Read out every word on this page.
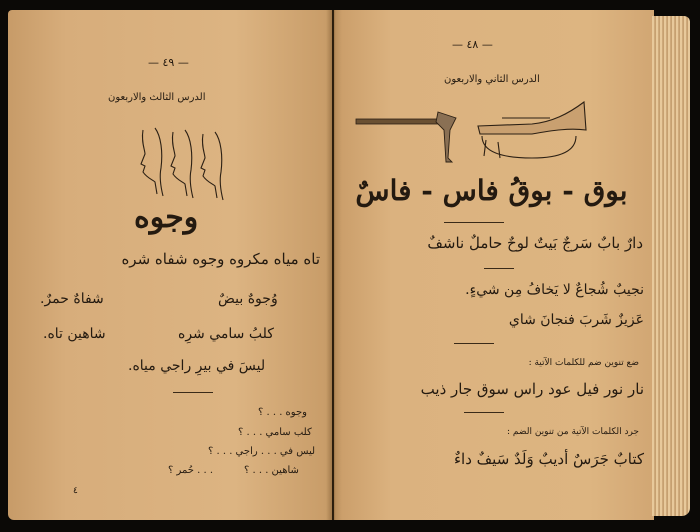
— ٤٩ —
الدرس الثالث والاربعون
وجوه
تاه مياه مكروه وجوه شفاه شره
شفاهٌ حمرٌ.	وُجوهٌ بيضٌ
شاهين تاه.	كلبُ سامي شرِه
ليسَ في بيرِ راجي مياه.
وجوه . . . ؟
كلب سامي . . . ؟
ليس في . . . راجي . . . ؟
شاهين . . . ؟
. . . حُمر ؟
٤
— ٤٨ —
الدرس الثاني والاربعون
بوق - بوقُ فاس - فاسٌ
دارٌ بابٌ سَرجٌ بَيتٌ لوحٌ حاملٌ ناشفٌ
نجيبٌ شُجاعٌ لا يَخافُ مِن شيءٍ.
عَزيزٌ شَربَ فنجانَ شاي
ضع تنوين ضم للكلمات الآتية :
نار نور فيل عود راس سوق جار ذيب
جرد الكلمات الآتية من تنوين الضم :
كتابٌ جَرَسٌ أديبٌ وَلَدٌ سَيفٌ داءٌ
